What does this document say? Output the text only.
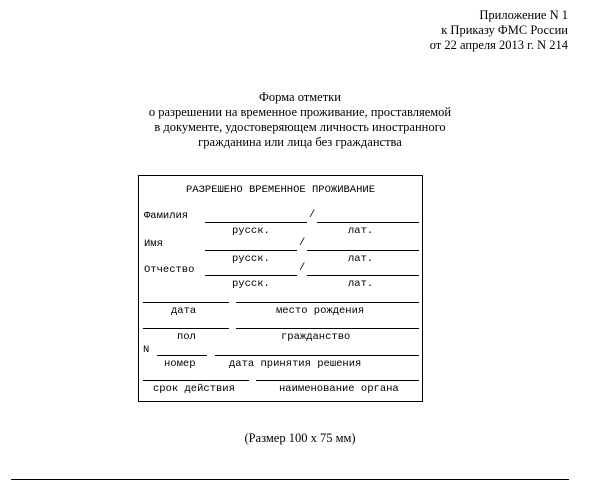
Приложение N 1
к Приказу ФМС России
от 22 апреля 2013 г. N 214
Форма отметки
о разрешении на временное проживание, проставляемой
в документе, удостоверяющем личность иностранного
гражданина или лица без гражданства
РАЗРЕШЕНО ВРЕМЕННОЕ ПРОЖИВАНИЕ
Фамилия	/
русск.	лат.
Имя	/
русск.	лат.
Отчество	/
русск.	лат.
дата	место рождения
пол	гражданство
N
номер	дата принятия решения
срок действия	наименование органа
(Размер 100 x 75 мм)
